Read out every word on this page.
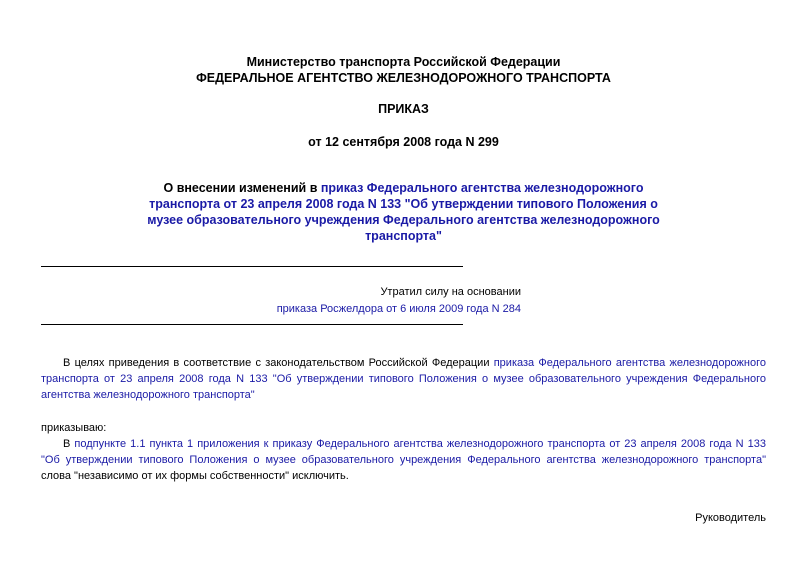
Министерство транспорта Российской Федерации
ФЕДЕРАЛЬНОЕ АГЕНТСТВО ЖЕЛЕЗНОДОРОЖНОГО ТРАНСПОРТА
ПРИКАЗ
от 12 сентября 2008 года N 299
О внесении изменений в приказ Федерального агентства железнодорожного транспорта от 23 апреля 2008 года N 133 "Об утверждении типового Положения о музее образовательного учреждения Федерального агентства железнодорожного транспорта"
Утратил силу на основании
приказа Росжелдора от 6 июля 2009 года N 284
В целях приведения в соответствие с законодательством Российской Федерации приказа Федерального агентства железнодорожного транспорта от 23 апреля 2008 года N 133 "Об утверждении типового Положения о музее образовательного учреждения Федерального агентства железнодорожного транспорта"
приказываю:
В подпункте 1.1 пункта 1 приложения к приказу Федерального агентства железнодорожного транспорта от 23 апреля 2008 года N 133 "Об утверждении типового Положения о музее образовательного учреждения Федерального агентства железнодорожного транспорта" слова "независимо от их формы собственности" исключить.
Руководитель
